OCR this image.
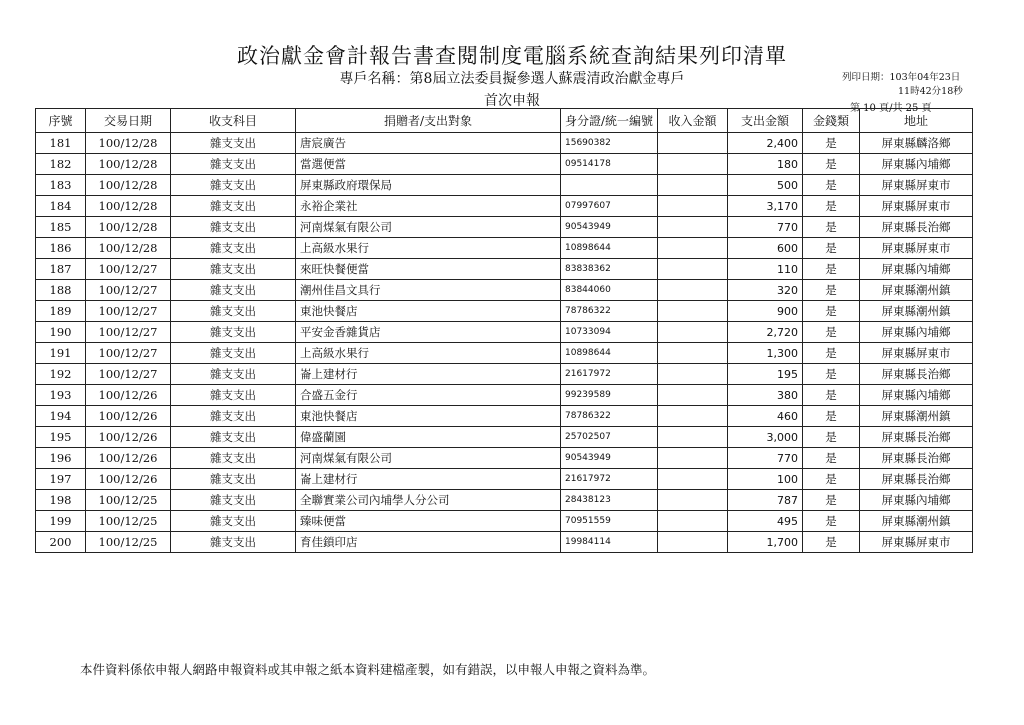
政治獻金會計報告書查閱制度電腦系統查詢結果列印清單
專戶名稱：第8屆立法委員擬參選人蘇震清政治獻金專戶
首次申報
列印日期：103年04年23日
11時42分18秒
第 10 頁/共 25 頁
序號	交易日期	收支科目	捐贈者/支出對象	身分證/統一編號	收入金額	支出金額	金錢類	地址
181	100/12/28	雜支支出	唐宸廣告	15690382		2,400	是	屏東縣麟洛鄉
182	100/12/28	雜支支出	當選便當	09514178		180	是	屏東縣內埔鄉
183	100/12/28	雜支支出	屏東縣政府環保局			500	是	屏東縣屏東市
184	100/12/28	雜支支出	永裕企業社	07997607		3,170	是	屏東縣屏東市
185	100/12/28	雜支支出	河南煤氣有限公司	90543949		770	是	屏東縣長治鄉
186	100/12/28	雜支支出	上高級水果行	10898644		600	是	屏東縣屏東市
187	100/12/27	雜支支出	來旺快餐便當	83838362		110	是	屏東縣內埔鄉
188	100/12/27	雜支支出	潮州佳昌文具行	83844060		320	是	屏東縣潮州鎮
189	100/12/27	雜支支出	東池快餐店	78786322		900	是	屏東縣潮州鎮
190	100/12/27	雜支支出	平安金香雜貨店	10733094		2,720	是	屏東縣內埔鄉
191	100/12/27	雜支支出	上高級水果行	10898644		1,300	是	屏東縣屏東市
192	100/12/27	雜支支出	崙上建材行	21617972		195	是	屏東縣長治鄉
193	100/12/26	雜支支出	合盛五金行	99239589		380	是	屏東縣內埔鄉
194	100/12/26	雜支支出	東池快餐店	78786322		460	是	屏東縣潮州鎮
195	100/12/26	雜支支出	偉盛蘭園	25702507		3,000	是	屏東縣長治鄉
196	100/12/26	雜支支出	河南煤氣有限公司	90543949		770	是	屏東縣長治鄉
197	100/12/26	雜支支出	崙上建材行	21617972		100	是	屏東縣長治鄉
198	100/12/25	雜支支出	全聯實業公司內埔學人分公司	28438123		787	是	屏東縣內埔鄉
199	100/12/25	雜支支出	臻味便當	70951559		495	是	屏東縣潮州鎮
200	100/12/25	雜支支出	育佳鎖印店	19984114		1,700	是	屏東縣屏東市
本件資料係依申報人網路申報資料或其申報之紙本資料建檔產製，如有錯誤，以申報人申報之資料為準。
